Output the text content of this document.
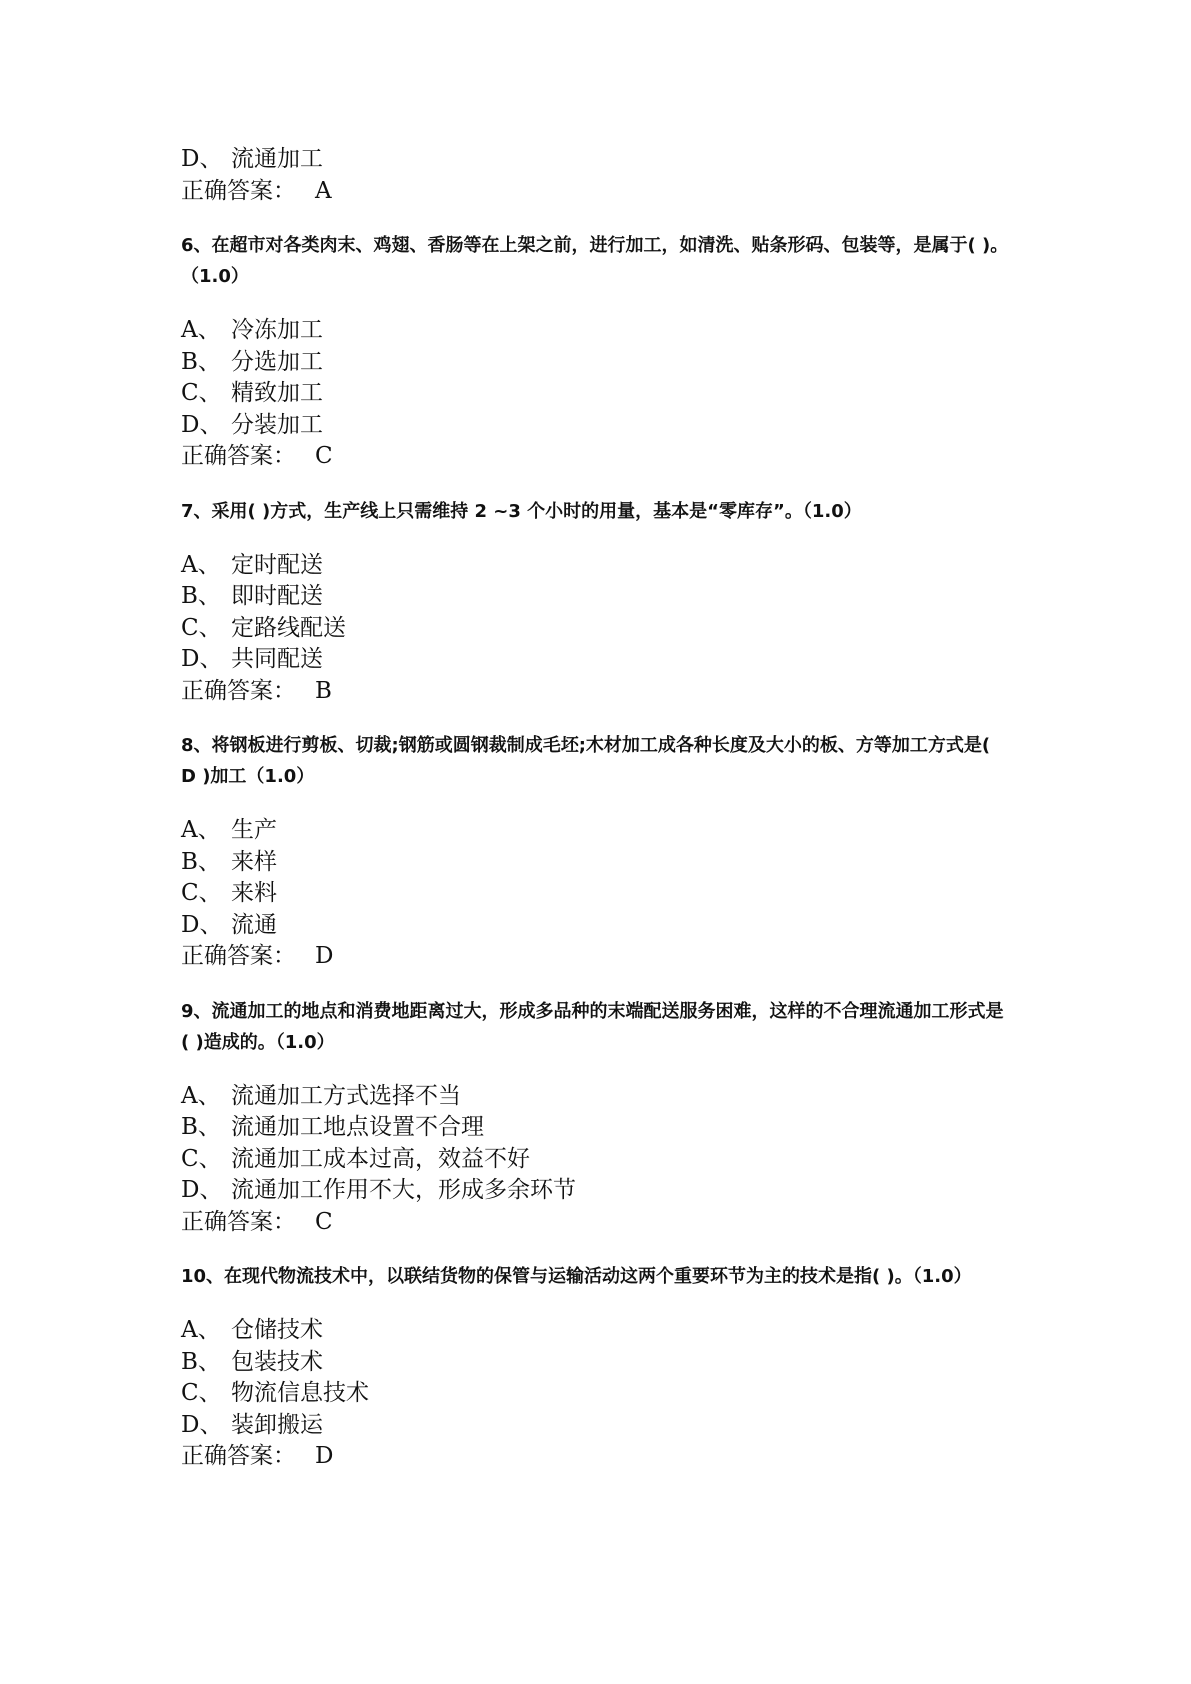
D、 流通加工

正确答案： A

6、在超市对各类肉末、鸡翅、香肠等在上架之前，进行加工，如清洗、贴条形码、包装等，是属于( )。（1.0）

A、 冷冻加工

B、 分选加工

C、 精致加工

D、 分装加工

正确答案： C

7、采用( )方式，生产线上只需维持 2 ~3 个小时的用量，基本是“零库存”。（1.0）

A、 定时配送

B、 即时配送

C、 定路线配送

D、 共同配送

正确答案： B

8、将钢板进行剪板、切裁;钢筋或圆钢裁制成毛坯;木材加工成各种长度及大小的板、方等加工方式是( D )加工（1.0）

A、 生产

B、 来样

C、 来料

D、 流通

正确答案： D

9、流通加工的地点和消费地距离过大，形成多品种的末端配送服务困难，这样的不合理流通加工形式是( )造成的。（1.0）

A、 流通加工方式选择不当

B、 流通加工地点设置不合理

C、 流通加工成本过高，效益不好

D、 流通加工作用不大，形成多余环节

正确答案： C

10、在现代物流技术中，以联结货物的保管与运输活动这两个重要环节为主的技术是指( )。（1.0）

A、 仓储技术

B、 包装技术

C、 物流信息技术

D、 装卸搬运

正确答案： D
